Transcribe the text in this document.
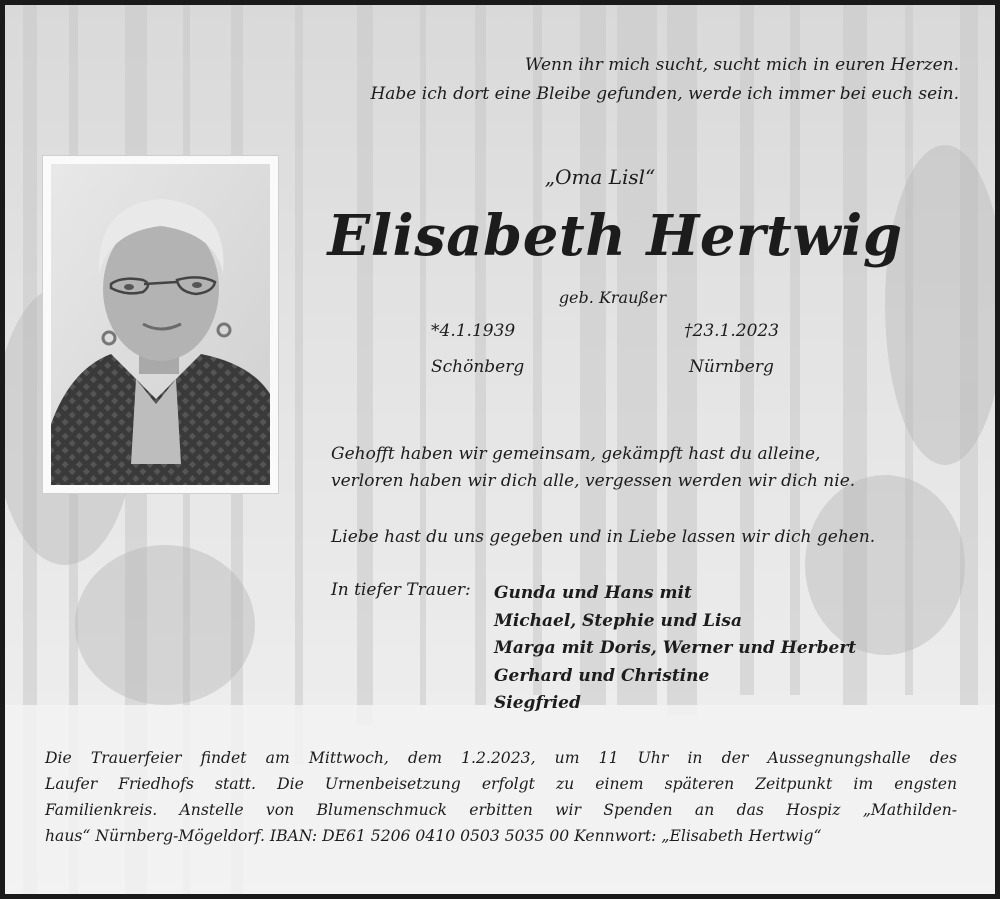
Wenn ihr mich sucht, sucht mich in euren Herzen.

Habe ich dort eine Bleibe gefunden, werde ich immer bei euch sein.

„Oma Lisl“

Elisabeth Hertwig

geb. Kraußer

*4.1.1939	†23.1.2023

Schönberg	Nürnberg

Gehofft haben wir gemeinsam, gekämpft hast du alleine,

verloren haben wir dich alle, vergessen werden wir dich nie.

Liebe hast du uns gegeben und in Liebe lassen wir dich gehen.

In tiefer Trauer: Gunda und Hans mit
Michael, Stephie und Lisa
Marga mit Doris, Werner und Herbert
Gerhard und Christine
Siegfried
Die Trauerfeier findet am Mittwoch, dem 1.2.2023, um 11 Uhr in der Aussegnungshalle des
Laufer Friedhofs statt. Die Urnenbeisetzung erfolgt zu einem späteren Zeitpunkt im engsten
Familienkreis. Anstelle von Blumenschmuck erbitten wir Spenden an das Hospiz „Mathilden-
haus“ Nürnberg-Mögeldorf. IBAN: DE61 5206 0410 0503 5035 00 Kennwort: „Elisabeth Hertwig“
